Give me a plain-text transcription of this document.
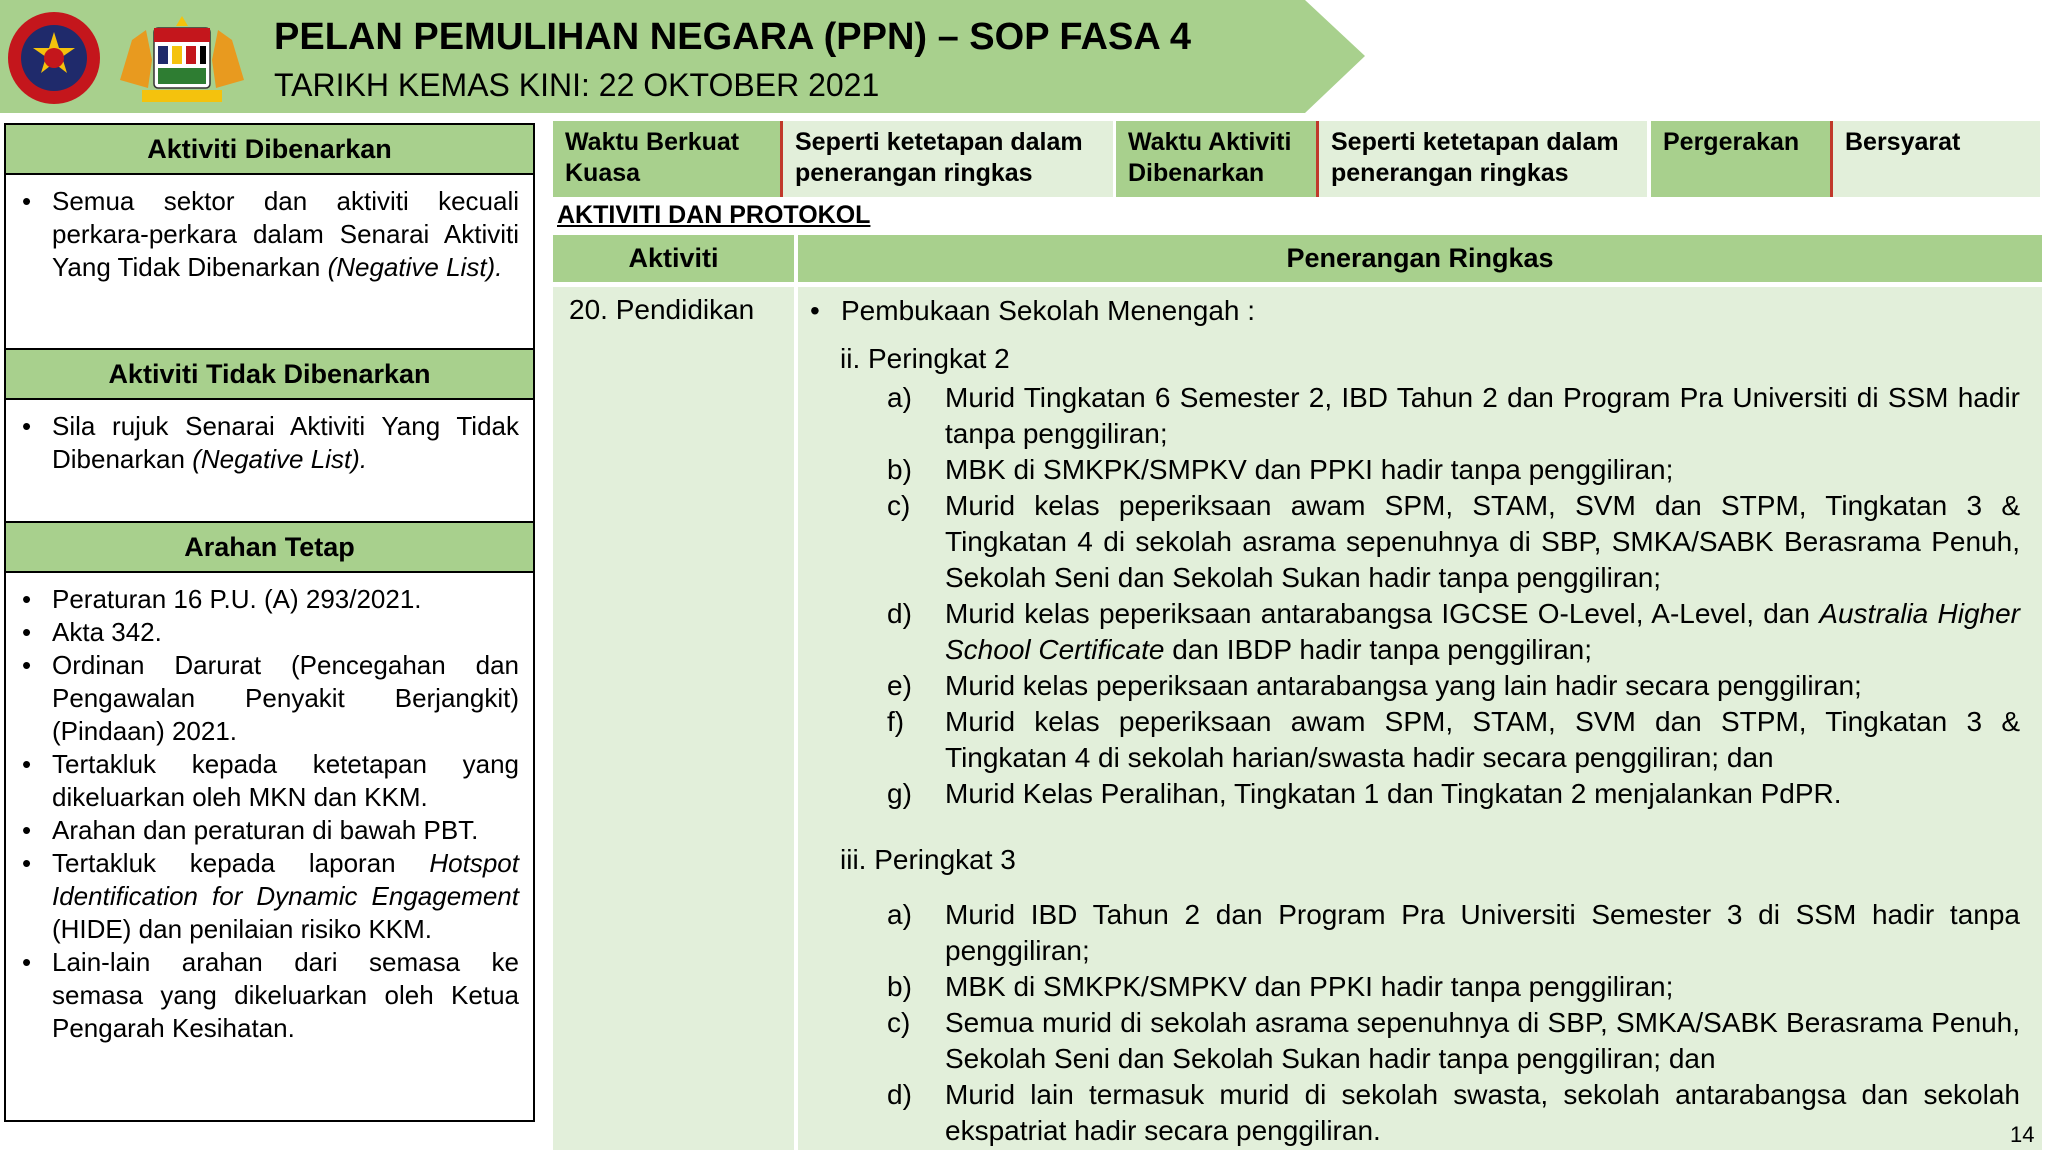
PELAN PEMULIHAN NEGARA (PPN) – SOP FASA 4
TARIKH KEMAS KINI: 22 OKTOBER 2021
Aktiviti Dibenarkan
• Semua sektor dan aktiviti kecuali perkara-perkara dalam Senarai Aktiviti Yang Tidak Dibenarkan (Negative List).
Aktiviti Tidak Dibenarkan
• Sila rujuk Senarai Aktiviti Yang Tidak Dibenarkan (Negative List).
Arahan Tetap
• Peraturan 16 P.U. (A) 293/2021.
• Akta 342.
• Ordinan Darurat (Pencegahan dan Pengawalan Penyakit Berjangkit) (Pindaan) 2021.
• Tertakluk kepada ketetapan yang dikeluarkan oleh MKN dan KKM.
• Arahan dan peraturan di bawah PBT.
• Tertakluk kepada laporan Hotspot Identification for Dynamic Engagement (HIDE) dan penilaian risiko KKM.
• Lain-lain arahan dari semasa ke semasa yang dikeluarkan oleh Ketua Pengarah Kesihatan.
Waktu Berkuat Kuasa
Seperti ketetapan dalam penerangan ringkas
Waktu Aktiviti Dibenarkan
Seperti ketetapan dalam penerangan ringkas
Pergerakan	Bersyarat
AKTIVITI DAN PROTOKOL
Aktiviti	Penerangan Ringkas
20. Pendidikan • Pembukaan Sekolah Menengah :
ii. Peringkat 2
a) Murid Tingkatan 6 Semester 2, IBD Tahun 2 dan Program Pra Universiti di SSM hadir tanpa penggiliran;
b) MBK di SMKPK/SMPKV dan PPKI hadir tanpa penggiliran;
c) Murid kelas peperiksaan awam SPM, STAM, SVM dan STPM, Tingkatan 3 & Tingkatan 4 di sekolah asrama sepenuhnya di SBP, SMKA/SABK Berasrama Penuh, Sekolah Seni dan Sekolah Sukan hadir tanpa penggiliran;
d) Murid kelas peperiksaan antarabangsa IGCSE O-Level, A-Level, dan Australia Higher School Certificate dan IBDP hadir tanpa penggiliran;
e) Murid kelas peperiksaan antarabangsa yang lain hadir secara penggiliran;
f) Murid kelas peperiksaan awam SPM, STAM, SVM dan STPM, Tingkatan 3 & Tingkatan 4 di sekolah harian/swasta hadir secara penggiliran; dan
g) Murid Kelas Peralihan, Tingkatan 1 dan Tingkatan 2 menjalankan PdPR.
iii. Peringkat 3
a) Murid IBD Tahun 2 dan Program Pra Universiti Semester 3 di SSM hadir tanpa penggiliran;
b) MBK di SMKPK/SMPKV dan PPKI hadir tanpa penggiliran;
c) Semua murid di sekolah asrama sepenuhnya di SBP, SMKA/SABK Berasrama Penuh, Sekolah Seni dan Sekolah Sukan hadir tanpa penggiliran; dan
d) Murid lain termasuk murid di sekolah swasta, sekolah antarabangsa dan sekolah ekspatriat hadir secara penggiliran.	14
